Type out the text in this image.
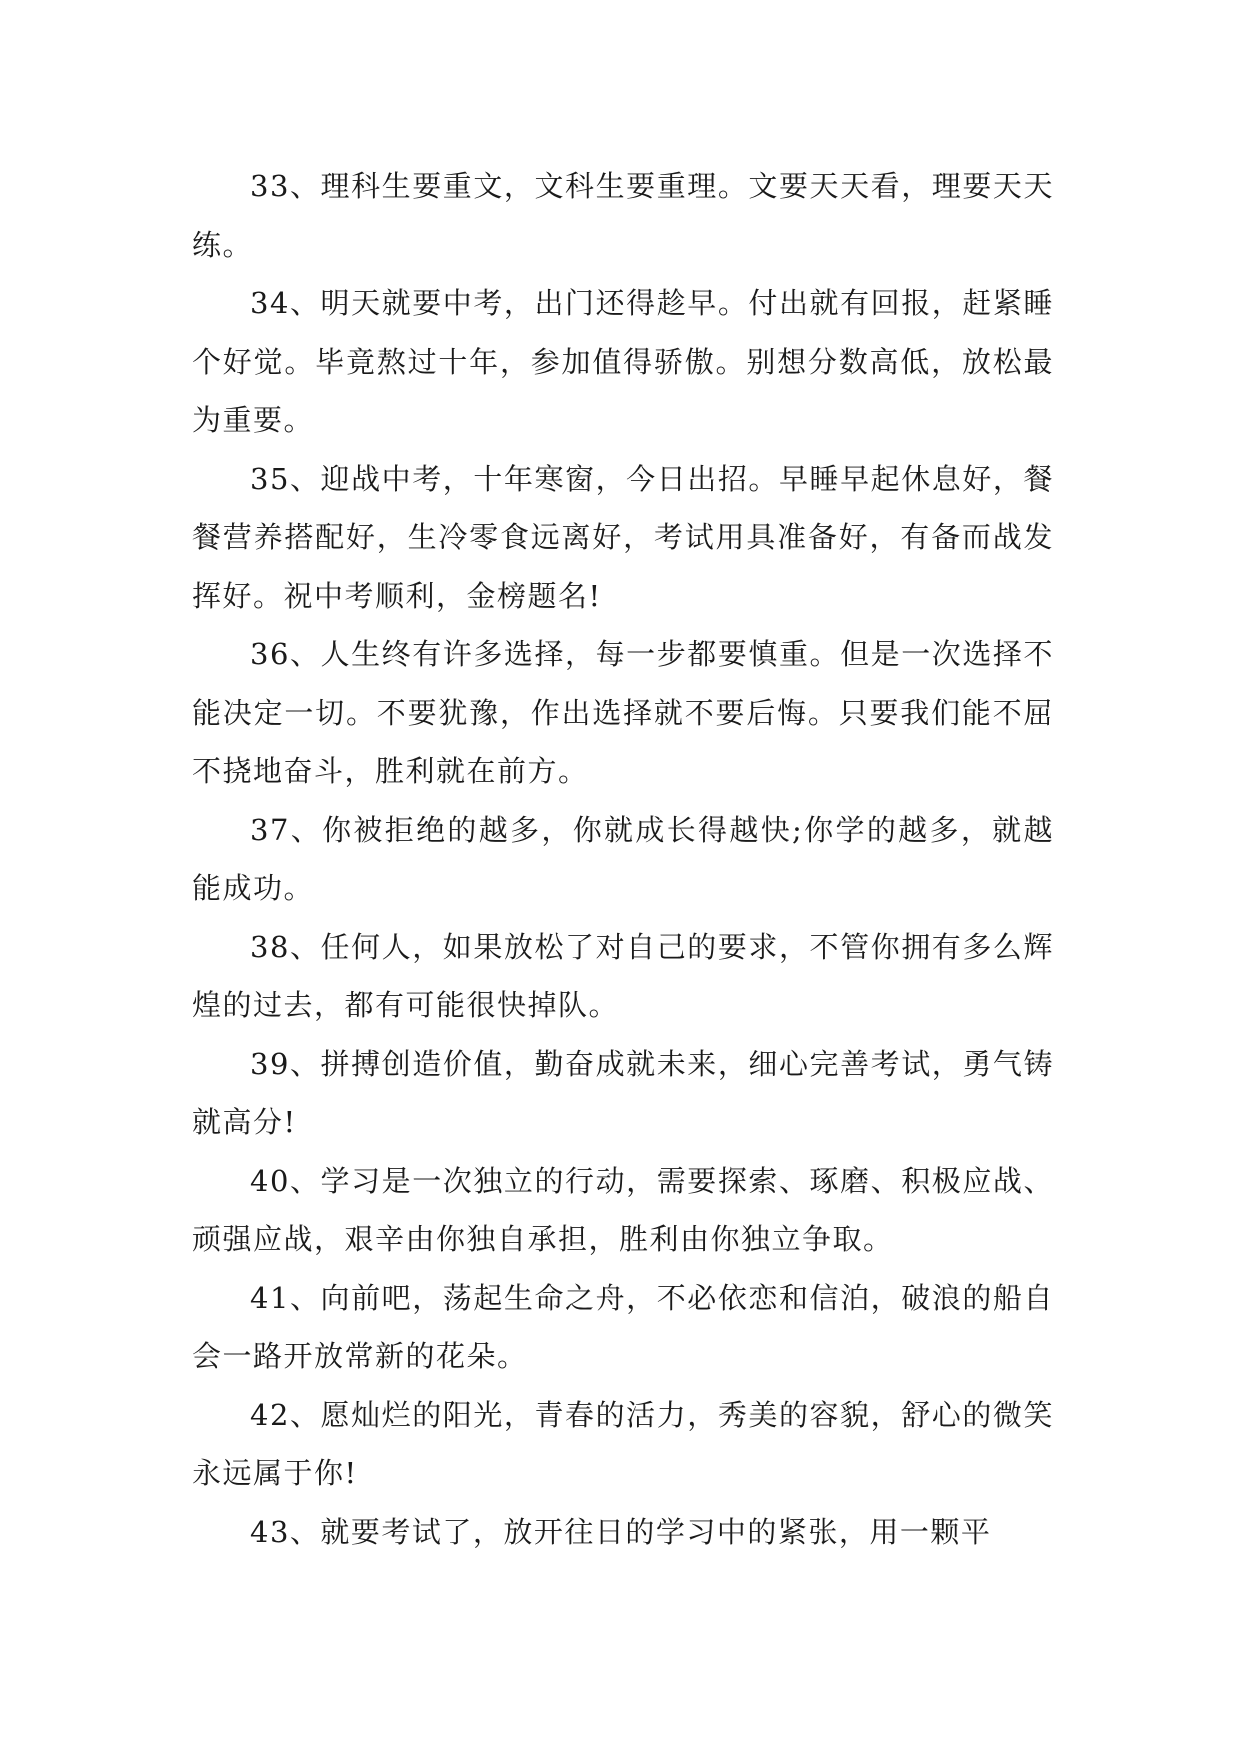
33、理科生要重文，文科生要重理。文要天天看，理要天天练。

34、明天就要中考，出门还得趁早。付出就有回报，赶紧睡个好觉。毕竟熬过十年，参加值得骄傲。别想分数高低，放松最为重要。

35、迎战中考，十年寒窗，今日出招。早睡早起休息好，餐餐营养搭配好，生冷零食远离好，考试用具准备好，有备而战发挥好。祝中考顺利，金榜题名!

36、人生终有许多选择，每一步都要慎重。但是一次选择不能决定一切。不要犹豫，作出选择就不要后悔。只要我们能不屈不挠地奋斗，胜利就在前方。

37、你被拒绝的越多，你就成长得越快;你学的越多，就越能成功。

38、任何人，如果放松了对自己的要求，不管你拥有多么辉煌的过去，都有可能很快掉队。

39、拼搏创造价值，勤奋成就未来，细心完善考试，勇气铸就高分!

40、学习是一次独立的行动，需要探索、琢磨、积极应战、顽强应战，艰辛由你独自承担，胜利由你独立争取。

41、向前吧，荡起生命之舟，不必依恋和信泊，破浪的船自会一路开放常新的花朵。

42、愿灿烂的阳光，青春的活力，秀美的容貌，舒心的微笑永远属于你!

43、就要考试了，放开往日的学习中的紧张，用一颗平
